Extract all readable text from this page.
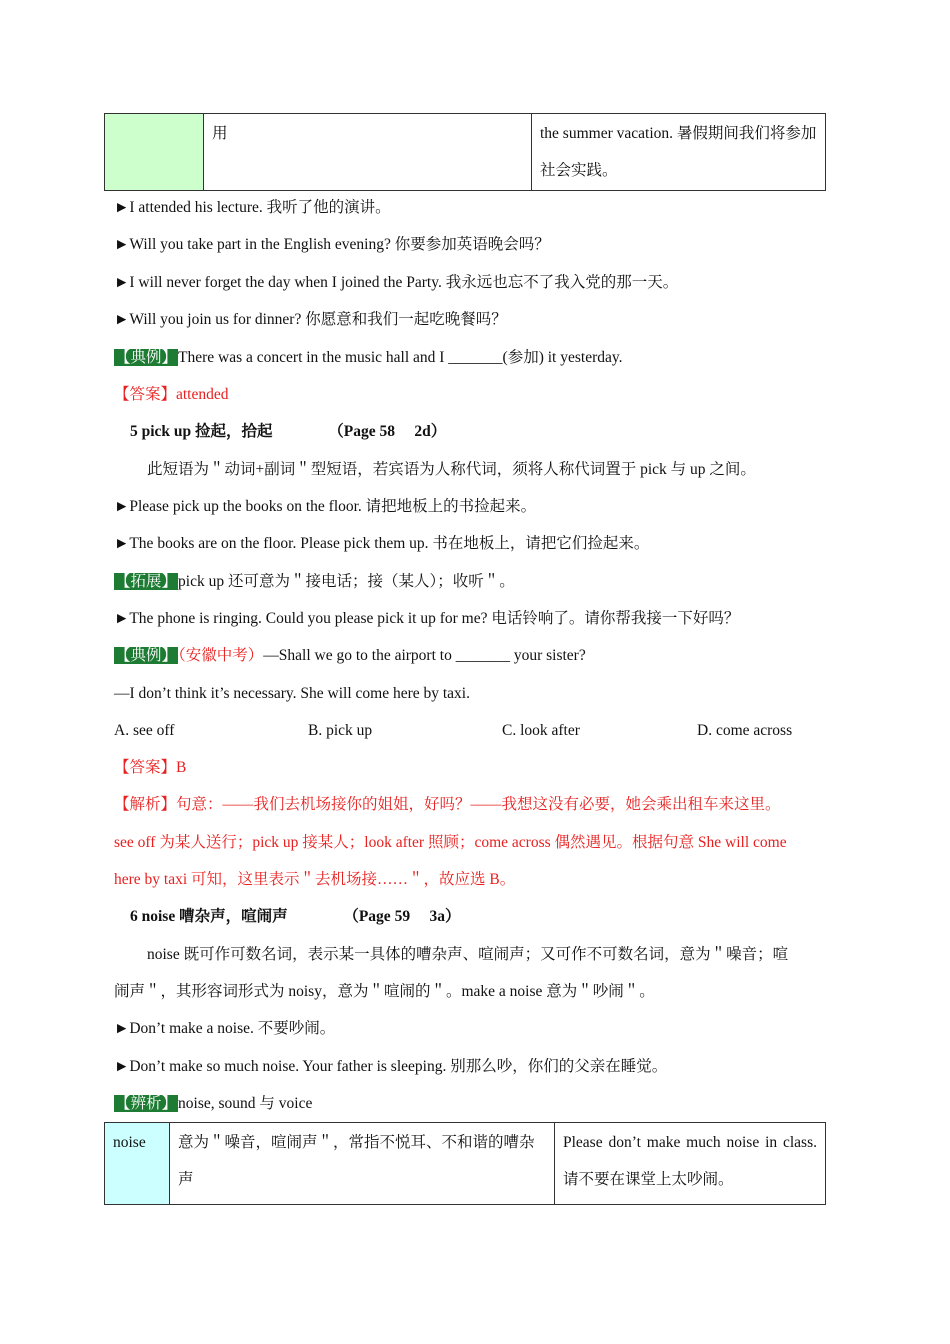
	用	the summer vacation. 暑假期间我们将参加社会实践。
►I attended his lecture. 我听了他的演讲。
►Will you take part in the English evening? 你要参加英语晚会吗？
►I will never forget the day when I joined the Party. 我永远也忘不了我入党的那一天。
►Will you join us for dinner? 你愿意和我们一起吃晚餐吗？
【典例】There was a concert in the music hall and I _______(参加) it yesterday.
【答案】attended
5 pick up 捡起，拾起	（Page 58　 2d）
此短语为＂动词+副词＂型短语，若宾语为人称代词，须将人称代词置于 pick 与 up 之间。
►Please pick up the books on the floor. 请把地板上的书捡起来。
►The books are on the floor. Please pick them up. 书在地板上，请把它们捡起来。
【拓展】pick up 还可意为＂接电话；接（某人）；收听＂。
►The phone is ringing. Could you please pick it up for me? 电话铃响了。请你帮我接一下好吗？
【典例】（安徽中考）—Shall we go to the airport to _______ your sister?
—I don’t think it’s necessary. She will come here by taxi.
A. see off	B. pick up	C. look after	D. come across
【答案】B
【解析】句意：——我们去机场接你的姐姐，好吗？——我想这没有必要，她会乘出租车来这里。
see off 为某人送行；pick up 接某人；look after 照顾；come across 偶然遇见。根据句意 She will come
here by taxi 可知，这里表示＂去机场接……＂，故应选 B。
6 noise 嘈杂声，喧闹声	（Page 59　 3a）
noise 既可作可数名词，表示某一具体的嘈杂声、喧闹声；又可作不可数名词，意为＂噪音；喧
闹声＂，其形容词形式为 noisy，意为＂喧闹的＂。make a noise 意为＂吵闹＂。
►Don’t make a noise. 不要吵闹。
►Don’t make so much noise. Your father is sleeping. 别那么吵，你们的父亲在睡觉。
【辨析】noise, sound 与 voice
noise	意为＂噪音，喧闹声＂，常指不悦耳、不和谐的嘈杂声	Please don’t make much noise in class. 请不要在课堂上太吵闹。
